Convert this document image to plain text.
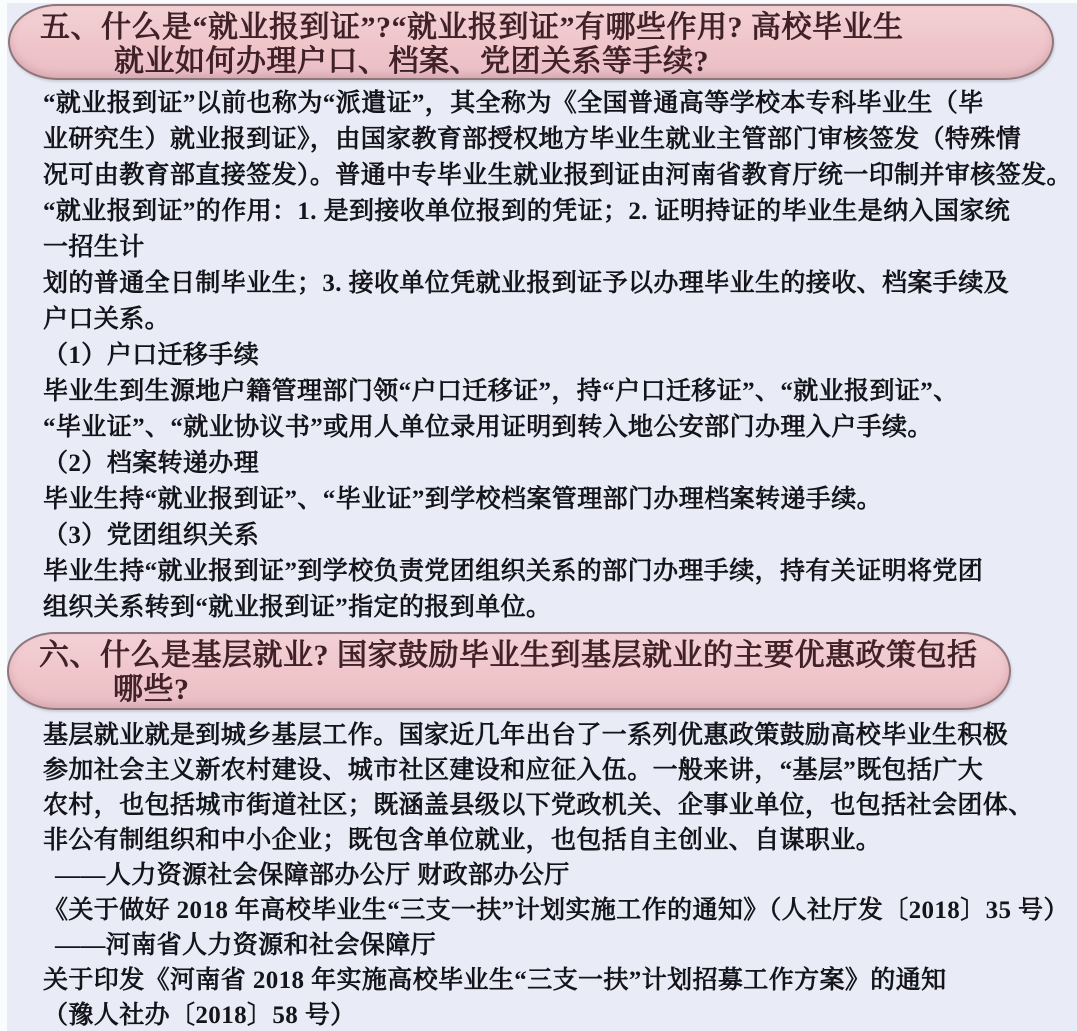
五、什么是“就业报到证”?“就业报到证”有哪些作用? 高校毕业生
就业如何办理户口、档案、党团关系等手续?
“就业报到证”以前也称为“派遣证”，其全称为《全国普通高等学校本专科毕业生（毕
业研究生）就业报到证》，由国家教育部授权地方毕业生就业主管部门审核签发（特殊情
况可由教育部直接签发）。普通中专毕业生就业报到证由河南省教育厅统一印制并审核签发。
“就业报到证”的作用：1. 是到接收单位报到的凭证；2. 证明持证的毕业生是纳入国家统
一招生计
划的普通全日制毕业生；3. 接收单位凭就业报到证予以办理毕业生的接收、档案手续及
户口关系。
（1）户口迁移手续
毕业生到生源地户籍管理部门领“户口迁移证”，持“户口迁移证”、“就业报到证”、
“毕业证”、“就业协议书”或用人单位录用证明到转入地公安部门办理入户手续。
（2）档案转递办理
毕业生持“就业报到证”、“毕业证”到学校档案管理部门办理档案转递手续。
（3）党团组织关系
毕业生持“就业报到证”到学校负责党团组织关系的部门办理手续，持有关证明将党团
组织关系转到“就业报到证”指定的报到单位。
六、什么是基层就业? 国家鼓励毕业生到基层就业的主要优惠政策包括
哪些?
基层就业就是到城乡基层工作。国家近几年出台了一系列优惠政策鼓励高校毕业生积极
参加社会主义新农村建设、城市社区建设和应征入伍。一般来讲，“基层”既包括广大
农村，也包括城市街道社区；既涵盖县级以下党政机关、企事业单位，也包括社会团体、
非公有制组织和中小企业；既包含单位就业，也包括自主创业、自谋职业。
——人力资源社会保障部办公厅 财政部办公厅
《关于做好 2018 年高校毕业生“三支一扶”计划实施工作的通知》（人社厅发〔2018〕35 号）
——河南省人力资源和社会保障厅
关于印发《河南省 2018 年实施高校毕业生“三支一扶”计划招募工作方案》的通知
（豫人社办〔2018〕58 号）
